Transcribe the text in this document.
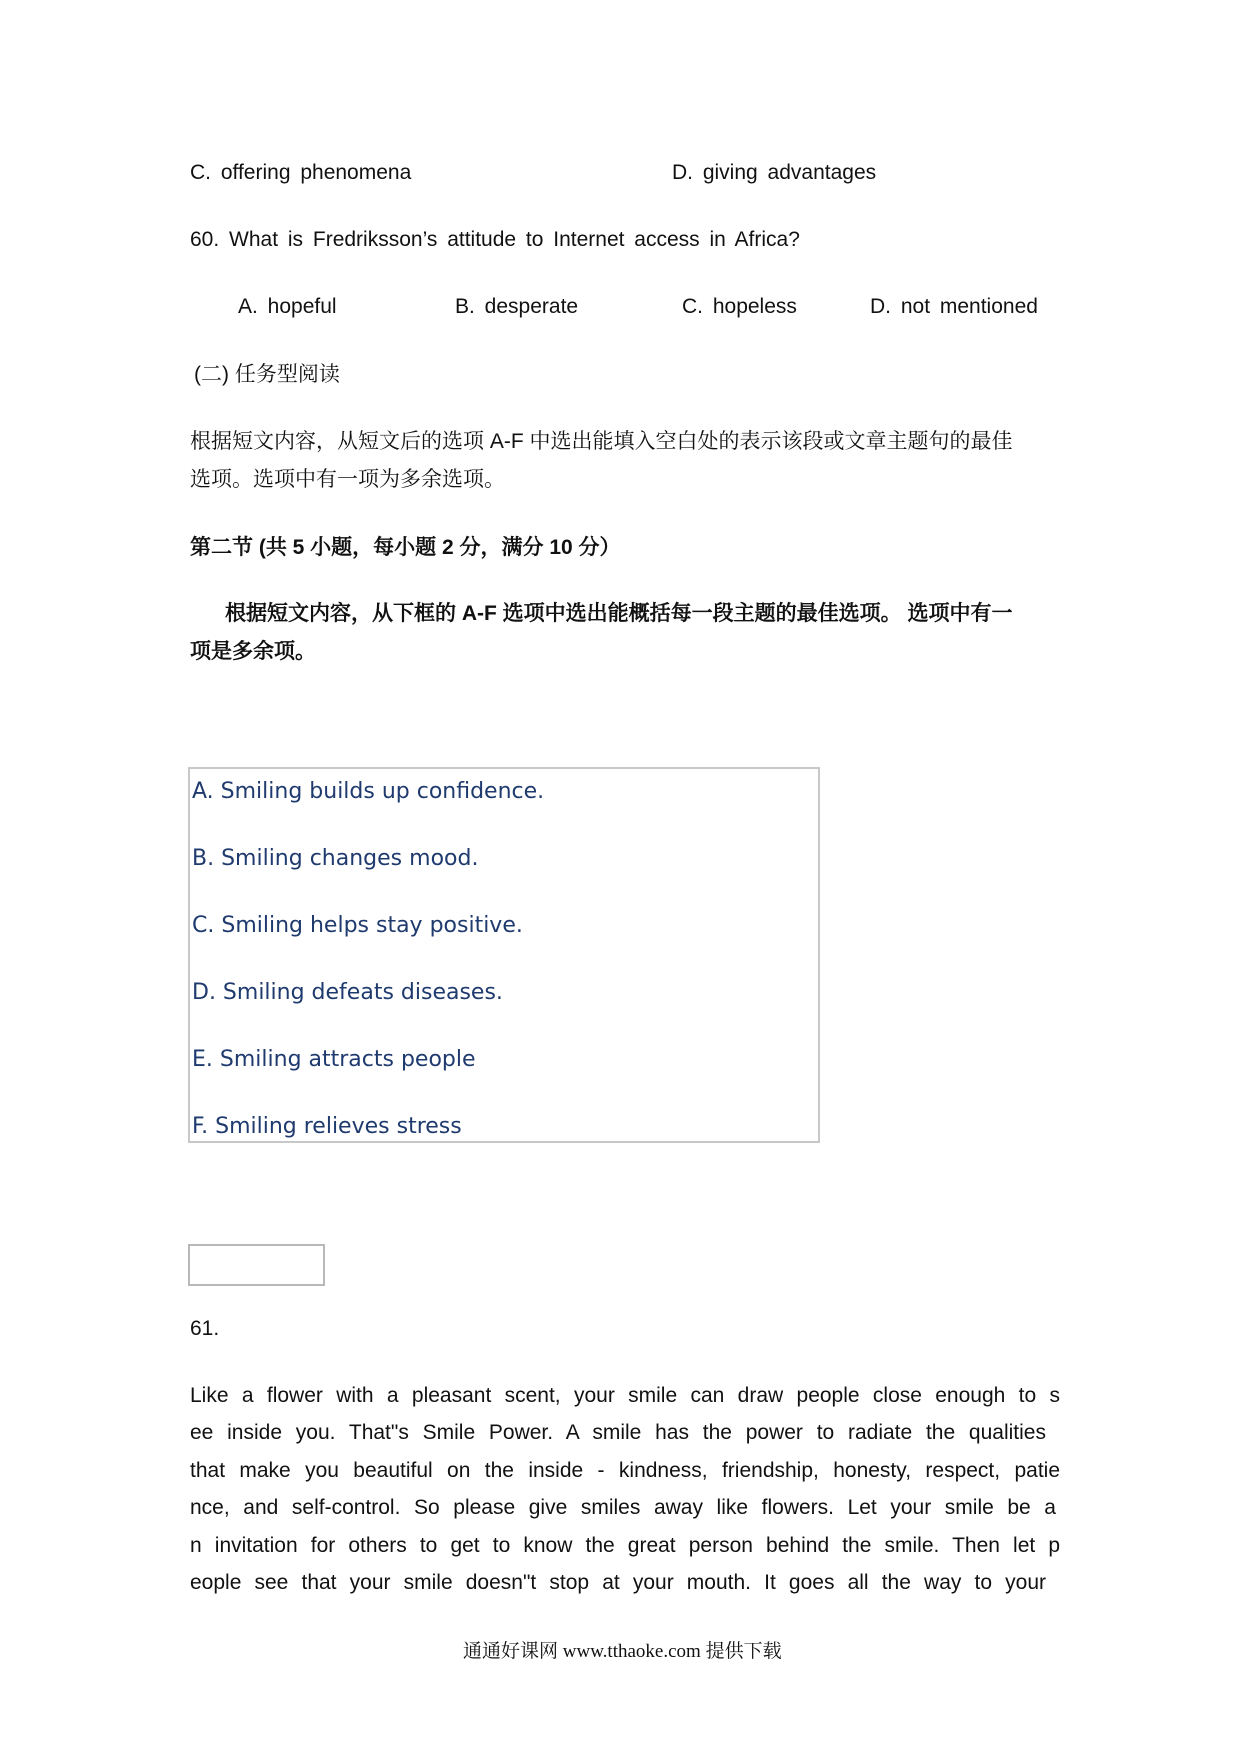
C. offering phenomena	D. giving advantages
60. What is Fredriksson’s attitude to Internet access in Africa?
A. hopeful	B. desperate	C. hopeless	D. not mentioned
(二) 任务型阅读
根据短文内容，从短文后的选项 A-F 中选出能填入空白处的表示该段或文章主题句的最佳
选项。选项中有一项为多余选项。
第二节 (共 5 小题，每小题 2 分，满分 10 分）
根据短文内容，从下框的 A-F 选项中选出能概括每一段主题的最佳选项。 选项中有一
项是多余项。
A. Smiling builds up confidence.
B. Smiling changes mood.
C. Smiling helps stay positive.
D. Smiling defeats diseases.
E. Smiling attracts people
F. Smiling relieves stress
61.
Like a flower with a pleasant scent, your smile can draw people close enough to s
ee inside you. That"s Smile Power. A smile has the power to radiate the qualities
that make you beautiful on the inside - kindness, friendship, honesty, respect, patie
nce, and self-control. So please give smiles away like flowers. Let your smile be a
n invitation for others to get to know the great person behind the smile. Then let p
eople see that your smile doesn"t stop at your mouth. It goes all the way to your
通通好课网 www.tthaoke.com 提供下载
